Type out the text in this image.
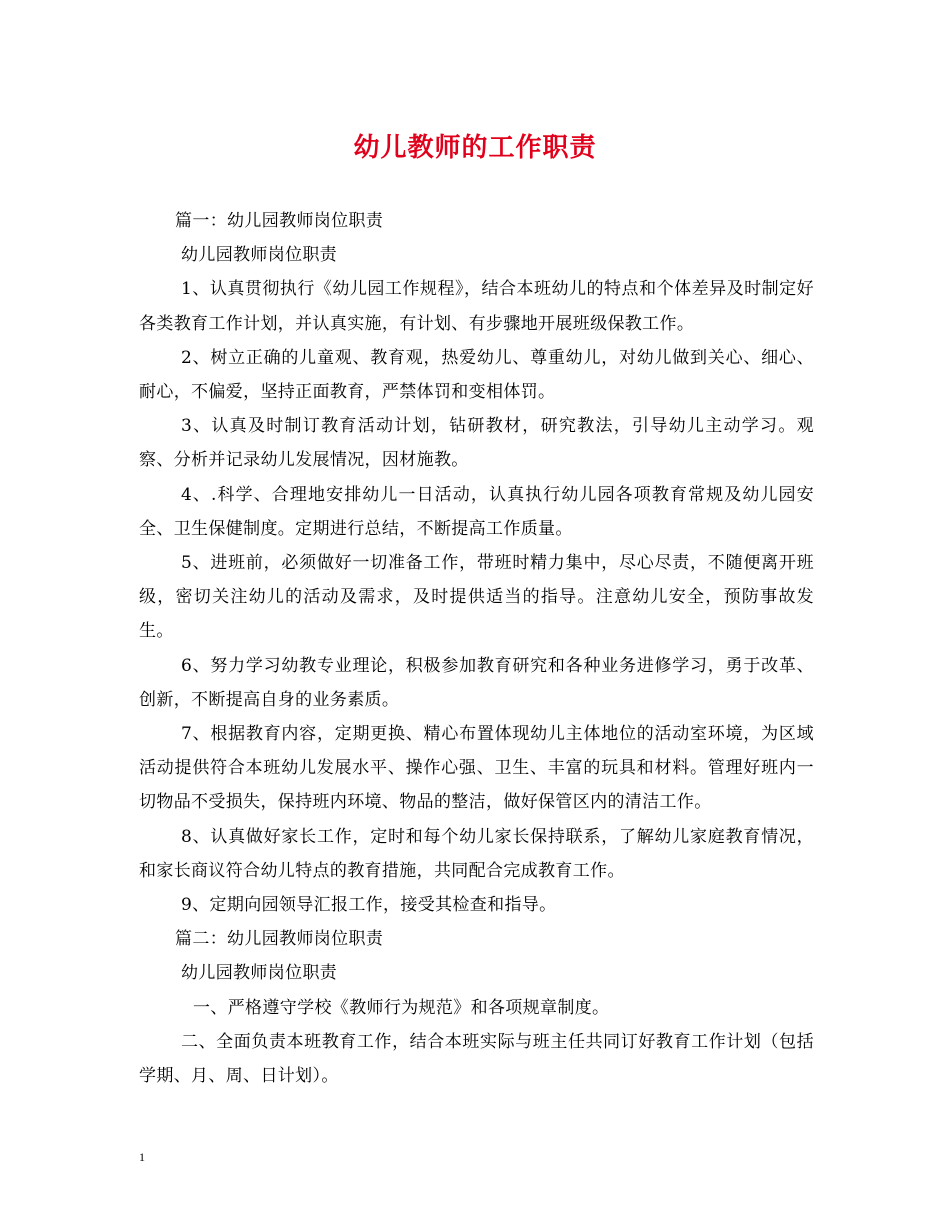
幼儿教师的工作职责

篇一：幼儿园教师岗位职责

幼儿园教师岗位职责

1、认真贯彻执行《幼儿园工作规程》，结合本班幼儿的特点和个体差异及时制定好各类教育工作计划，并认真实施，有计划、有步骤地开展班级保教工作。

2、树立正确的儿童观、教育观，热爱幼儿、尊重幼儿，对幼儿做到关心、细心、耐心，不偏爱，坚持正面教育，严禁体罚和变相体罚。

3、认真及时制订教育活动计划，钻研教材，研究教法，引导幼儿主动学习。观察、分析并记录幼儿发展情况，因材施教。

4、.科学、合理地安排幼儿一日活动，认真执行幼儿园各项教育常规及幼儿园安全、卫生保健制度。定期进行总结，不断提高工作质量。

5、进班前，必须做好一切准备工作，带班时精力集中，尽心尽责，不随便离开班级，密切关注幼儿的活动及需求，及时提供适当的指导。注意幼儿安全，预防事故发生。

6、努力学习幼教专业理论，积极参加教育研究和各种业务进修学习，勇于改革、创新，不断提高自身的业务素质。

7、根据教育内容，定期更换、精心布置体现幼儿主体地位的活动室环境，为区域活动提供符合本班幼儿发展水平、操作心强、卫生、丰富的玩具和材料。管理好班内一切物品不受损失，保持班内环境、物品的整洁，做好保管区内的清洁工作。

8、认真做好家长工作，定时和每个幼儿家长保持联系，了解幼儿家庭教育情况，和家长商议符合幼儿特点的教育措施，共同配合完成教育工作。

9、定期向园领导汇报工作，接受其检查和指导。

篇二：幼儿园教师岗位职责

幼儿园教师岗位职责

一、严格遵守学校《教师行为规范》和各项规章制度。

二、全面负责本班教育工作，结合本班实际与班主任共同订好教育工作计划（包括学期、月、周、日计划）。

1
